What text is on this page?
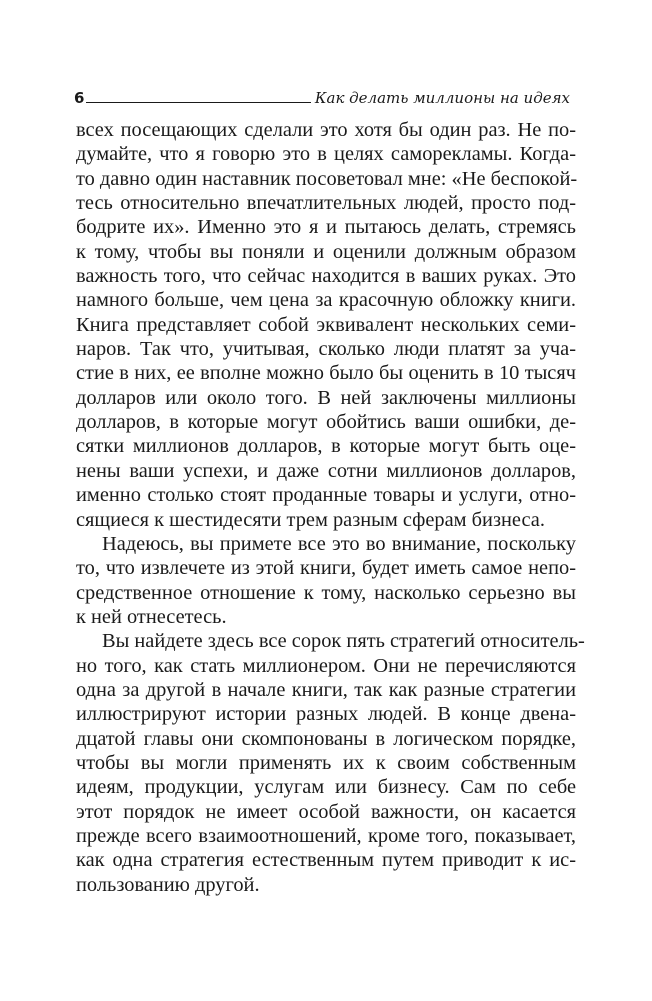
6	Как делать миллионы на идеях

всех посещающих сделали это хотя бы один раз. Не по-
думайте, что я говорю это в целях саморекламы. Когда-
то давно один наставник посоветовал мне: «Не беспокой-
тесь относительно впечатлительных людей, просто под-
бодрите их». Именно это я и пытаюсь делать, стремясь
к тому, чтобы вы поняли и оценили должным образом
важность того, что сейчас находится в ваших руках. Это
намного больше, чем цена за красочную обложку книги.
Книга представляет собой эквивалент нескольких семи-
наров. Так что, учитывая, сколько люди платят за уча-
стие в них, ее вполне можно было бы оценить в 10 тысяч
долларов или около того. В ней заключены миллионы
долларов, в которые могут обойтись ваши ошибки, де-
сятки миллионов долларов, в которые могут быть оце-
нены ваши успехи, и даже сотни миллионов долларов,
именно столько стоят проданные товары и услуги, отно-
сящиеся к шестидесяти трем разным сферам бизнеса.

Надеюсь, вы примете все это во внимание, поскольку
то, что извлечете из этой книги, будет иметь самое непо-
средственное отношение к тому, насколько серьезно вы
к ней отнесетесь.

Вы найдете здесь все сорок пять стратегий относитель-
но того, как стать миллионером. Они не перечисляются
одна за другой в начале книги, так как разные стратегии
иллюстрируют истории разных людей. В конце двена-
дцатой главы они скомпонованы в логическом порядке,
чтобы вы могли применять их к своим собственным
идеям, продукции, услугам или бизнесу. Сам по себе
этот порядок не имеет особой важности, он касается
прежде всего взаимоотношений, кроме того, показывает,
как одна стратегия естественным путем приводит к ис-
пользованию другой.
